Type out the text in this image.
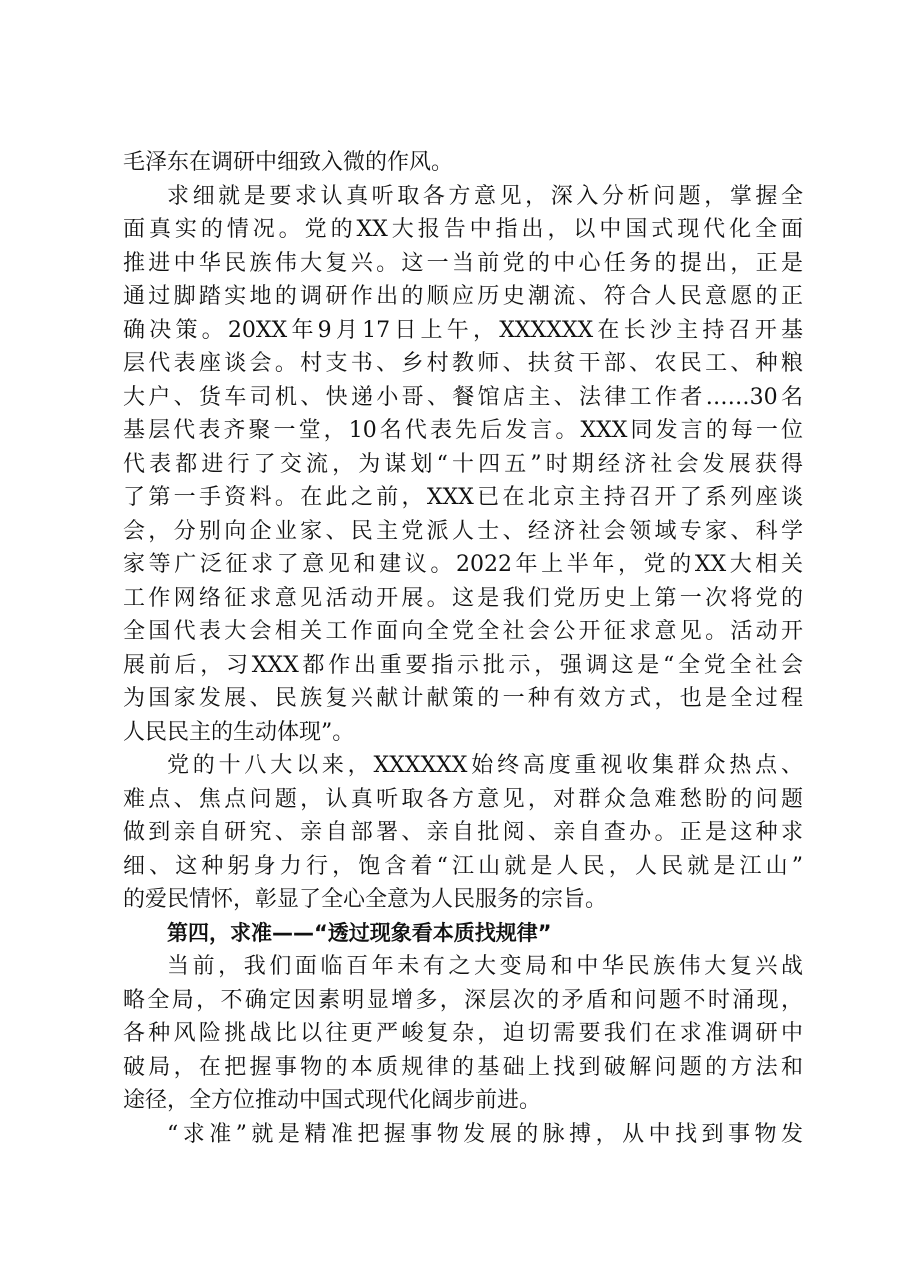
毛泽东在调研中细致入微的作风。
求细就是要求认真听取各方意见，深入分析问题，掌握全
面真实的情况。党的XX大报告中指出，以中国式现代化全面
推进中华民族伟大复兴。这一当前党的中心任务的提出，正是
通过脚踏实地的调研作出的顺应历史潮流、符合人民意愿的正
确决策。20XX年9月17日上午，XXXXXX在长沙主持召开基
层代表座谈会。村支书、乡村教师、扶贫干部、农民工、种粮
大户、货车司机、快递小哥、餐馆店主、法律工作者……30名
基层代表齐聚一堂，10名代表先后发言。XXX同发言的每一位
代表都进行了交流，为谋划“十四五”时期经济社会发展获得
了第一手资料。在此之前，XXX已在北京主持召开了系列座谈
会，分别向企业家、民主党派人士、经济社会领域专家、科学
家等广泛征求了意见和建议。2022年上半年，党的XX大相关
工作网络征求意见活动开展。这是我们党历史上第一次将党的
全国代表大会相关工作面向全党全社会公开征求意见。活动开
展前后，习XXX都作出重要指示批示，强调这是“全党全社会
为国家发展、民族复兴献计献策的一种有效方式，也是全过程
人民民主的生动体现”。
党的十八大以来，XXXXXX始终高度重视收集群众热点、
难点、焦点问题，认真听取各方意见，对群众急难愁盼的问题
做到亲自研究、亲自部署、亲自批阅、亲自查办。正是这种求
细、这种躬身力行，饱含着“江山就是人民，人民就是江山”
的爱民情怀，彰显了全心全意为人民服务的宗旨。
第四，求准——“透过现象看本质找规律”
当前，我们面临百年未有之大变局和中华民族伟大复兴战
略全局，不确定因素明显增多，深层次的矛盾和问题不时涌现，
各种风险挑战比以往更严峻复杂，迫切需要我们在求准调研中
破局，在把握事物的本质规律的基础上找到破解问题的方法和
途径，全方位推动中国式现代化阔步前进。
“求准”就是精准把握事物发展的脉搏，从中找到事物发
